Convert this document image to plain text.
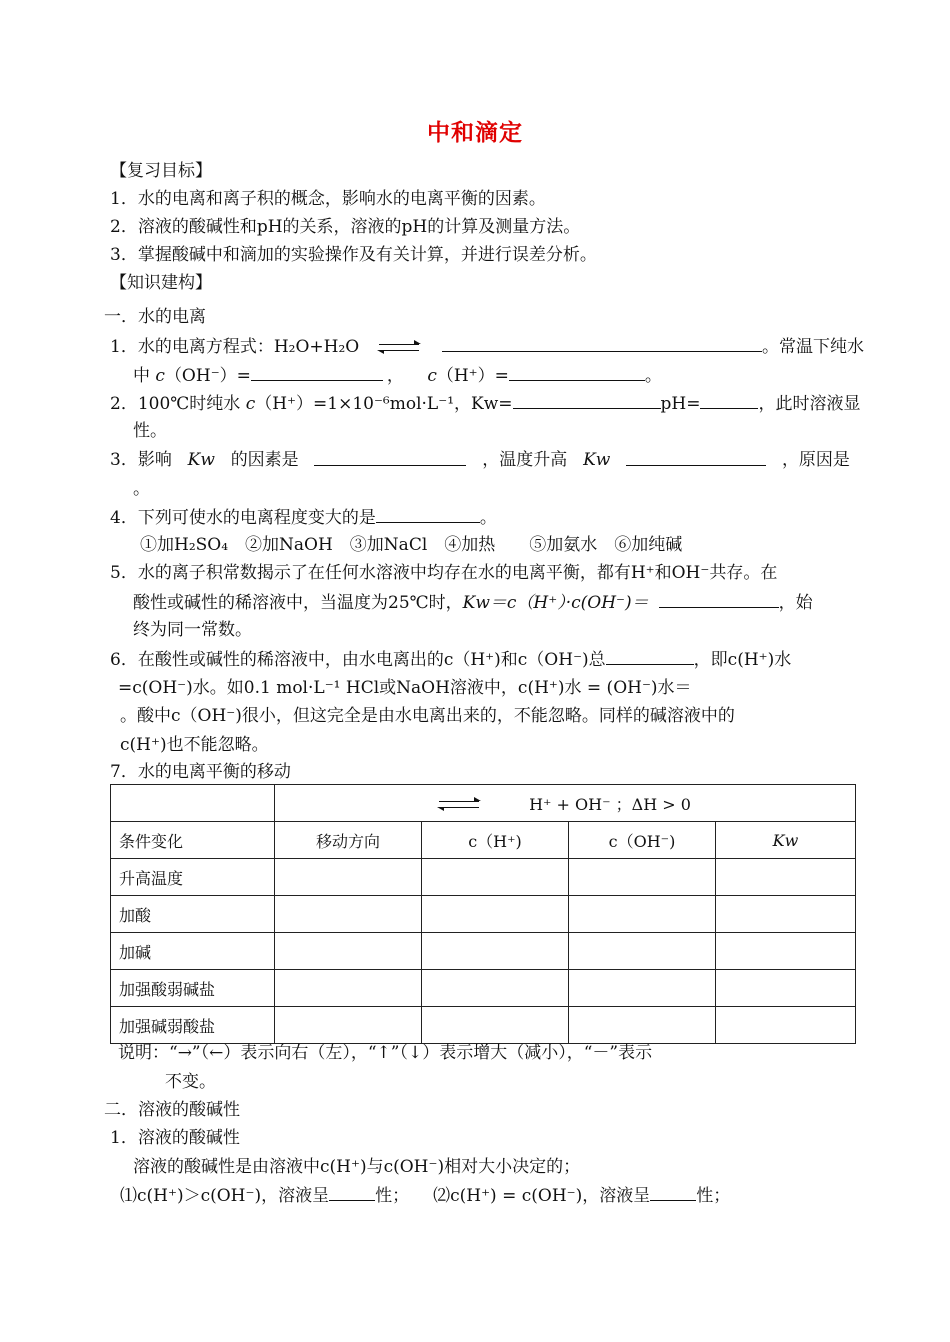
中和滴定
【复习目标】
1．水的电离和离子积的概念，影响水的电离平衡的因素。
2．溶液的酸碱性和pH的关系，溶液的pH的计算及测量方法。
3．掌握酸碱中和滴加的实验操作及有关计算，并进行误差分析。
【知识建构】
一．水的电离
1．水的电离方程式：H₂O+H₂O	。常温下纯水
中 c（OH⁻）=	， c（H⁺）=	。
2．100℃时纯水 c（H⁺）=1×10⁻⁶mol·L⁻¹，Kw=	pH=	，此时溶液显
性。
3．影响 Kw 的因素是	，温度升高 Kw	，原因是
。
4．下列可使水的电离程度变大的是	。
①加H₂SO₄　②加NaOH　③加NaCl　④加热　　⑤加氨水　⑥加纯碱
5．水的离子积常数揭示了在任何水溶液中均存在水的电离平衡，都有H⁺和OH⁻共存。在
酸性或碱性的稀溶液中，当温度为25℃时，Kw＝c（H⁺）·c(OH⁻)＝	，始
终为同一常数。
6．在酸性或碱性的稀溶液中，由水电离出的c（H⁺)和c（OH⁻)总	，即c(H⁺)水
=c(OH⁻)水。如0.1 mol·L⁻¹ HCl或NaOH溶液中，c(H⁺)水 = (OH⁻)水＝
。酸中c（OH⁻)很小，但这完全是由水电离出来的，不能忽略。同样的碱溶液中的
c(H⁺)也不能忽略。
7．水的电离平衡的移动

H⁺ + OH⁻ ；ΔH > 0			
条件变化	移动方向	c（H⁺)	c（OH⁻)	Kw
升高温度				
加酸				
加碱				
加强酸弱碱盐				
加强碱弱酸盐				
说明：“→”（←）表示向右（左），“↑”（↓）表示增大（减小），“－”表示
不变。
二．溶液的酸碱性
1．溶液的酸碱性
溶液的酸碱性是由溶液中c(H⁺)与c(OH⁻)相对大小决定的；
⑴c(H⁺)＞c(OH⁻)，溶液呈	性； ⑵c(H⁺) = c(OH⁻)，溶液呈	性；
